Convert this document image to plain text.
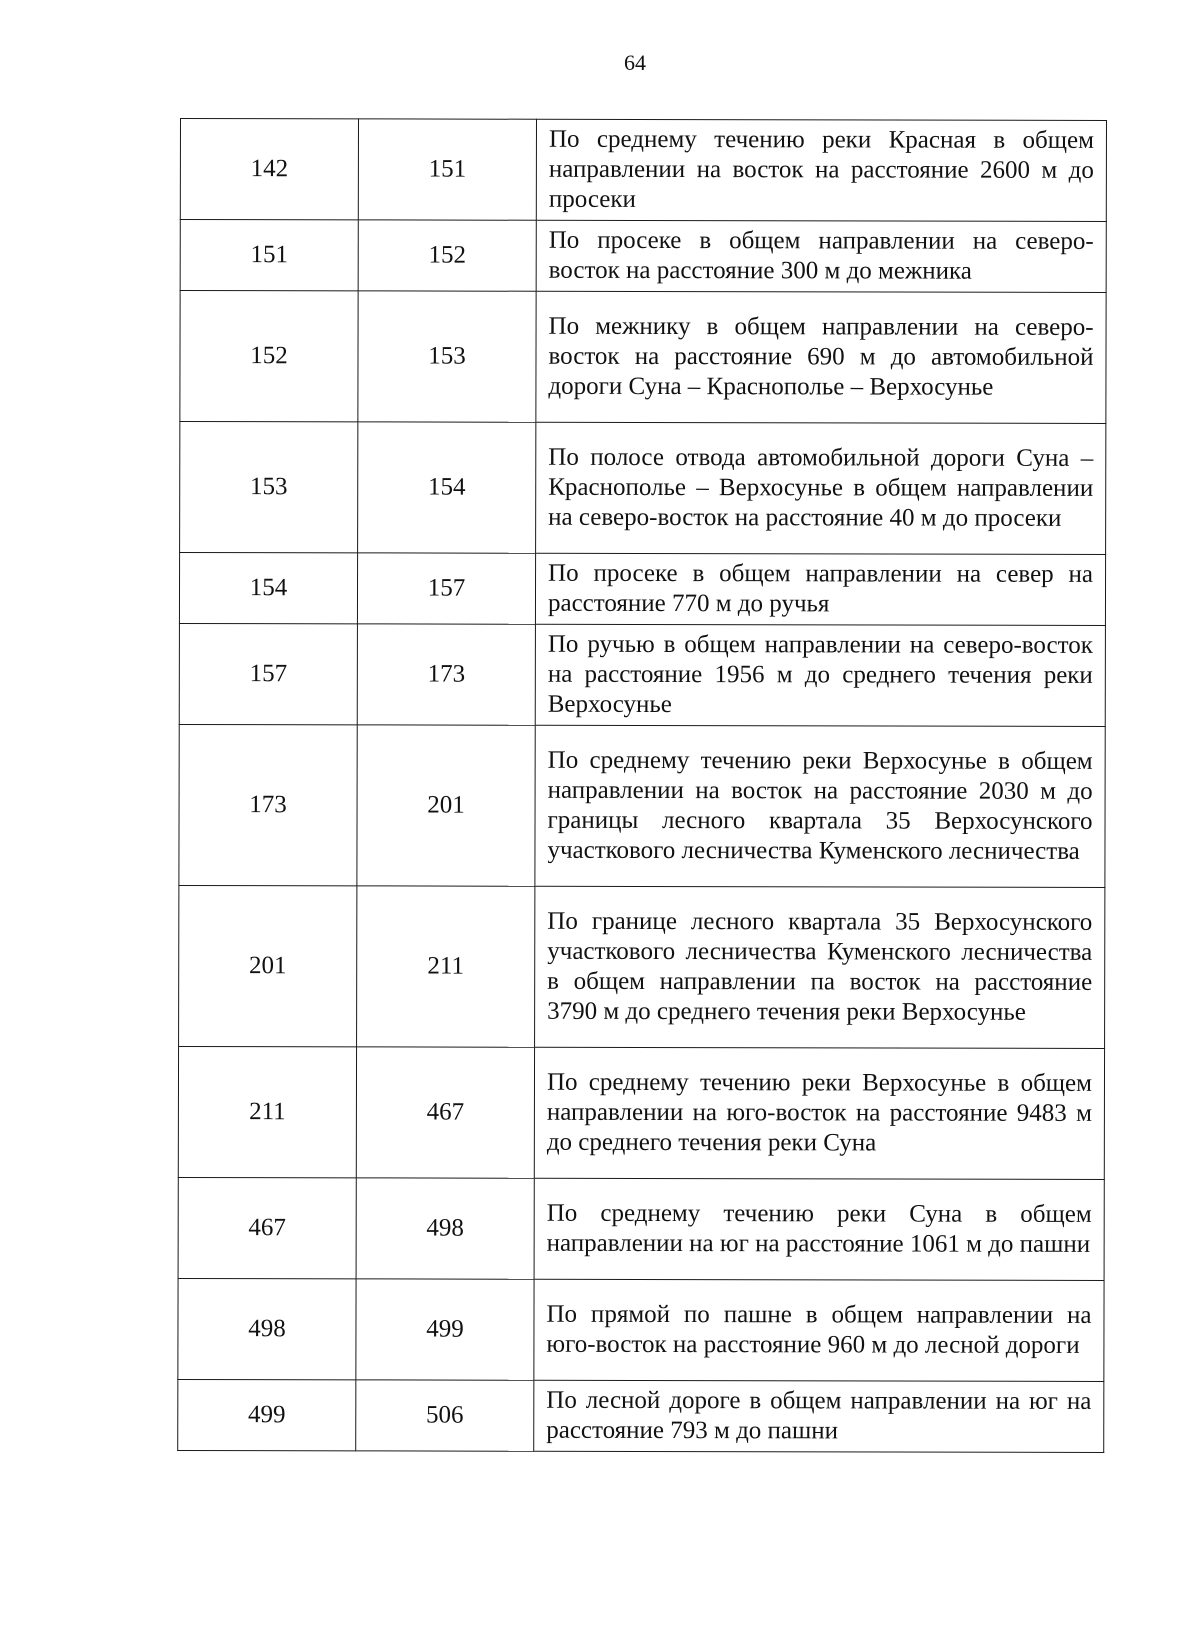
64
142	151	По среднему течению реки Красная в общем направлении на восток на расстояние 2600 м до просеки
151	152	По просеке в общем направлении на северо-восток на расстояние 300 м до межника
152	153	По межнику в общем направлении на северо-восток на расстояние 690 м до автомобильной дороги Суна – Краснополье – Верхосунье
153	154	По полосе отвода автомобильной дороги Суна – Краснополье – Верхосунье в общем направлении на северо-восток на расстояние 40 м до просеки
154	157	По просеке в общем направлении на север на расстояние 770 м до ручья
157	173	По ручью в общем направлении на северо-восток на расстояние 1956 м до среднего течения реки Верхосунье
173	201	По среднему течению реки Верхосунье в общем направлении на восток на расстояние 2030 м до границы лесного квартала 35 Верхосунского участкового лесничества Куменского лесничества
201	211	По границе лесного квартала 35 Верхосунского участкового лесничества Куменского лесничества в общем направлении па восток на расстояние 3790 м до среднего течения реки Верхосунье
211	467	По среднему течению реки Верхосунье в общем направлении на юго-восток на расстояние 9483 м до среднего течения реки Суна
467	498	По среднему течению реки Суна в общем направлении на юг на расстояние 1061 м до пашни
498	499	По прямой по пашне в общем направлении на юго-восток на расстояние 960 м до лесной дороги
499	506	По лесной дороге в общем направлении на юг на расстояние 793 м до пашни
